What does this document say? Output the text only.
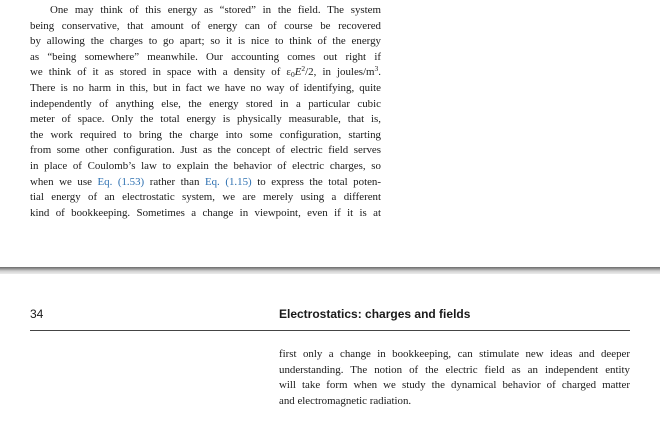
One may think of this energy as “stored” in the field. The system
being conservative, that amount of energy can of course be recovered
by allowing the charges to go apart; so it is nice to think of the energy
as “being somewhere” meanwhile. Our accounting comes out right if
we think of it as stored in space with a density of $\varepsilon_0E^2/2$, in joules/$m^3$.
There is no harm in this, but in fact we have no way of identifying, quite
independently of anything else, the energy stored in a particular cubic
meter of space. Only the total energy is physically measurable, that is,
the work required to bring the charge into some configuration, starting
from some other configuration. Just as the concept of electric field serves
in place of Coulomb’s law to explain the behavior of electric charges, so
when we use Eq. (1.53) rather than Eq. (1.15) to express the total poten-
tial energy of an electrostatic system, we are merely using a different
kind of bookkeeping. Sometimes a change in viewpoint, even if it is at
34	Electrostatics: charges and fields
first only a change in bookkeeping, can stimulate new ideas and deeper
understanding. The notion of the electric field as an independent entity
will take form when we study the dynamical behavior of charged matter
and electromagnetic radiation.
